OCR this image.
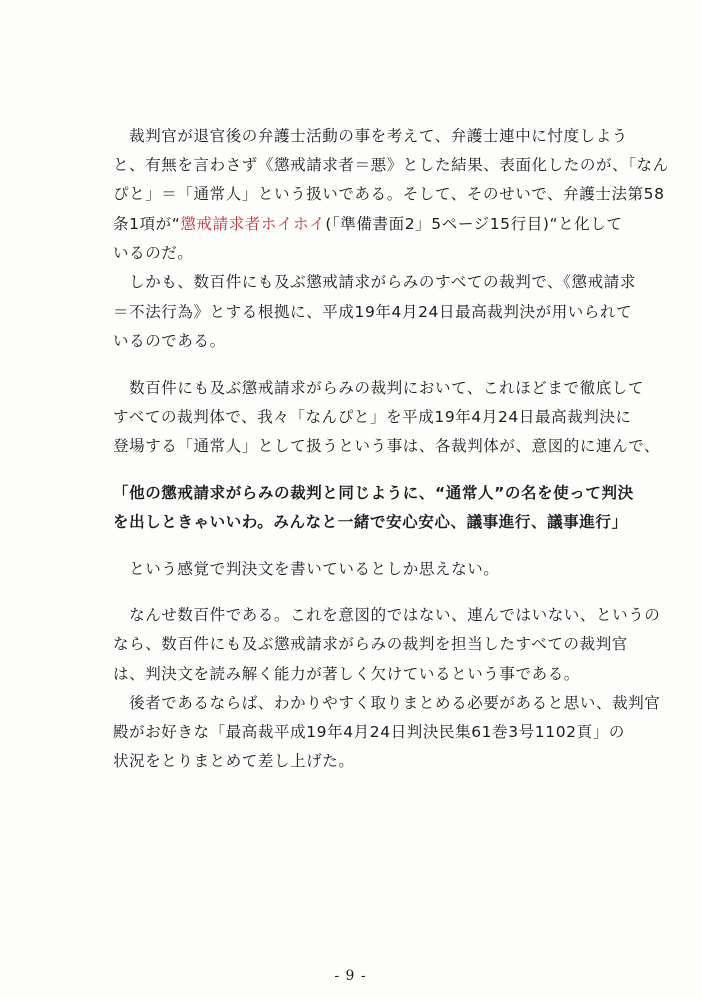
　裁判官が退官後の弁護士活動の事を考えて、弁護士連中に忖度しよう
と、有無を言わさず《懲戒請求者＝悪》とした結果、表面化したのが、「なん
ぴと」＝「通常人」という扱いである。そして、そのせいで、弁護士法第58
条1項が“懲戒請求者ホイホイ(「準備書面2」5ページ15行目)“と化して
いるのだ。
　しかも、数百件にも及ぶ懲戒請求がらみのすべての裁判で、《懲戒請求
＝不法行為》とする根拠に、平成19年4月24日最高裁判決が用いられて
いるのである。
　数百件にも及ぶ懲戒請求がらみの裁判において、これほどまで徹底して
すべての裁判体で、我々「なんぴと」を平成19年4月24日最高裁判決に
登場する「通常人」として扱うという事は、各裁判体が、意図的に連んで、
「他の懲戒請求がらみの裁判と同じように、“通常人”の名を使って判決
を出しときゃいいわ。みんなと一緒で安心安心、議事進行、議事進行」
　という感覚で判決文を書いているとしか思えない。
　なんせ数百件である。これを意図的ではない、連んではいない、というの
なら、数百件にも及ぶ懲戒請求がらみの裁判を担当したすべての裁判官
は、判決文を読み解く能力が著しく欠けているという事である。
　後者であるならば、わかりやすく取りまとめる必要があると思い、裁判官
殿がお好きな「最高裁平成19年4月24日判決民集61巻3号1102頁」の
状況をとりまとめて差し上げた。
- 9 -
